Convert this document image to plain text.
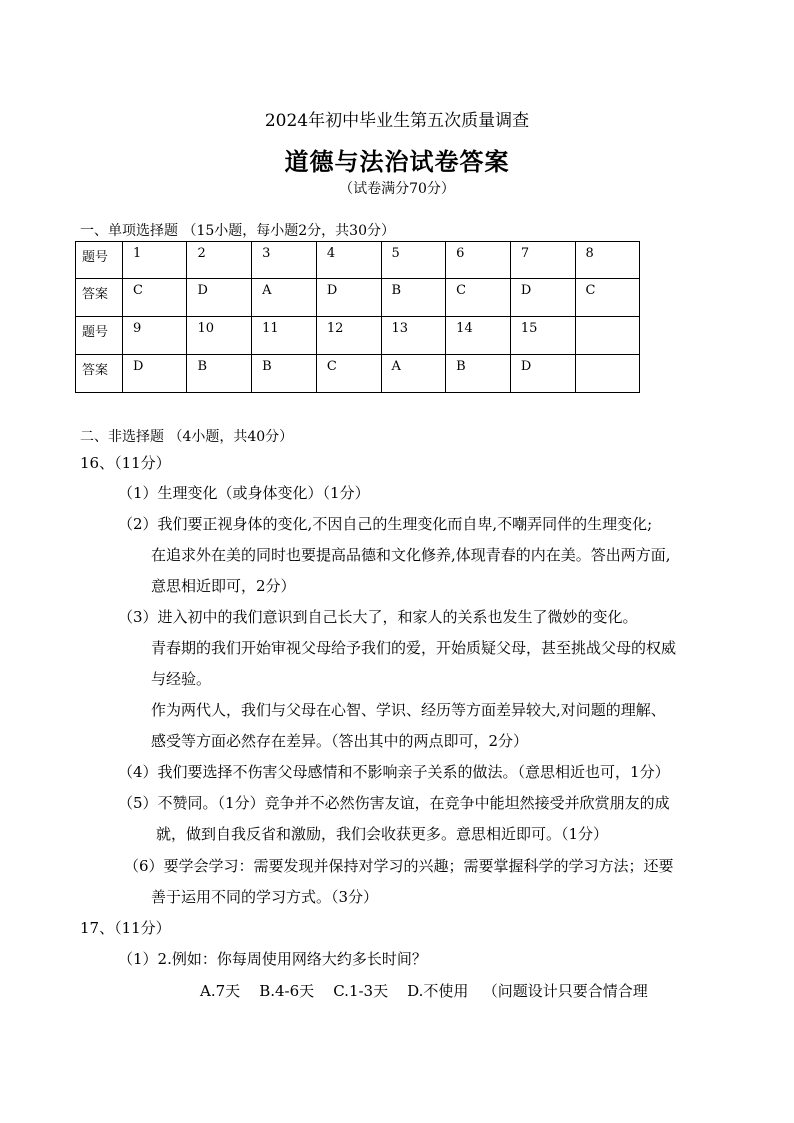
2024年初中毕业生第五次质量调查
道德与法治试卷答案
（试卷满分70分）
一、单项选择题 （15小题，每小题2分，共30分）
题号	1	2	3	4	5	6	7	8
答案	C	D	A	D	B	C	D	C
题号	9	10	11	12	13	14	15	
答案	D	B	B	C	A	B	D	
二、非选择题 （4小题，共40分）
16、（11分）
（1）生理变化（或身体变化）（1分）
（2）我们要正视身体的变化,不因自己的生理变化而自卑,不嘲弄同伴的生理变化;
在追求外在美的同时也要提高品德和文化修养,体现青春的内在美。答出两方面,
意思相近即可，2分）
（3）进入初中的我们意识到自己长大了，和家人的关系也发生了微妙的变化。
青春期的我们开始审视父母给予我们的爱，开始质疑父母，甚至挑战父母的权威
与经验。
作为两代人，我们与父母在心智、学识、经历等方面差异较大,对问题的理解、
感受等方面必然存在差异。（答出其中的两点即可，2分）
（4）我们要选择不伤害父母感情和不影响亲子关系的做法。（意思相近也可，1分）
（5）不赞同。（1分）竞争并不必然伤害友谊，在竞争中能坦然接受并欣赏朋友的成
就，做到自我反省和激励，我们会收获更多。意思相近即可。（1分）
（6）要学会学习：需要发现并保持对学习的兴趣；需要掌握科学的学习方法；还要
善于运用不同的学习方式。（3分）
17、（11分）
（1）2.例如：你每周使用网络大约多长时间？
A.7天    B.4-6天    C.1-3天    D.不使用   （问题设计只要合情合理
